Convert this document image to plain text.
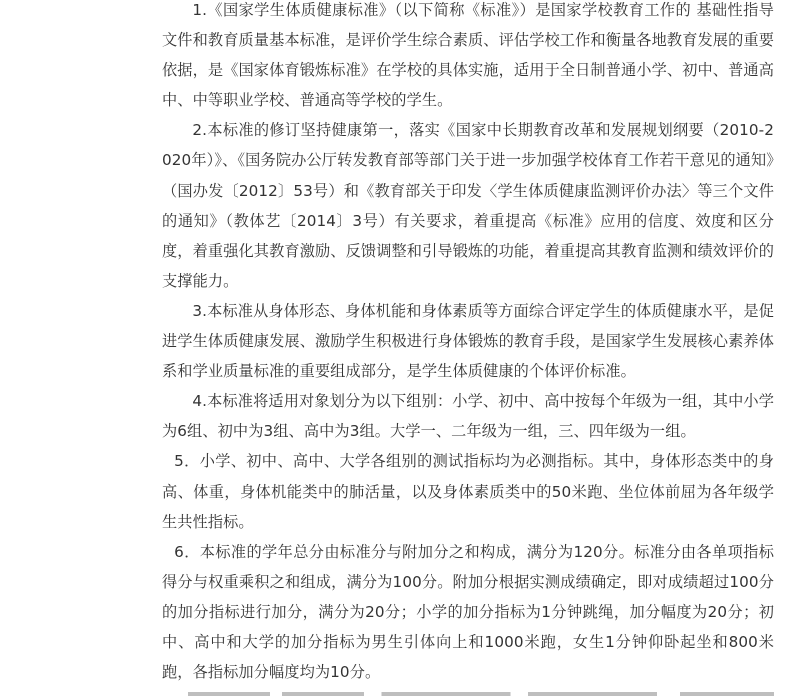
1.《国家学生体质健康标准》（以下简称《标准》）是国家学校教育工作的 基础性指导文件和教育质量基本标准，是评价学生综合素质、评估学校工作和衡量各地教育发展的重要依据，是《国家体育锻炼标准》在学校的具体实施，适用于全日制普通小学、初中、普通高中、中等职业学校、普通高等学校的学生。

2.本标准的修订坚持健康第一，落实《国家中长期教育改革和发展规划纲要（2010-2020年）》、《国务院办公厅转发教育部等部门关于进一步加强学校体育工作若干意见的通知》（国办发〔2012〕53号）和《教育部关于印发〈学生体质健康监测评价办法〉等三个文件的通知》（教体艺〔2014〕3号）有关要求，着重提高《标准》应用的信度、效度和区分度，着重强化其教育激励、反馈调整和引导锻炼的功能，着重提高其教育监测和绩效评价的支撑能力。

3.本标准从身体形态、身体机能和身体素质等方面综合评定学生的体质健康水平，是促进学生体质健康发展、激励学生积极进行身体锻炼的教育手段，是国家学生发展核心素养体系和学业质量标准的重要组成部分，是学生体质健康的个体评价标准。

4.本标准将适用对象划分为以下组别：小学、初中、高中按每个年级为一组，其中小学为6组、初中为3组、高中为3组。大学一、二年级为一组，三、四年级为一组。

5．小学、初中、高中、大学各组别的测试指标均为必测指标。其中，身体形态类中的身高、体重，身体机能类中的肺活量，以及身体素质类中的50米跑、坐位体前屈为各年级学生共性指标。

6．本标准的学年总分由标准分与附加分之和构成，满分为120分。标准分由各单项指标得分与权重乘积之和组成，满分为100分。附加分根据实测成绩确定，即对成绩超过100分的加分指标进行加分，满分为20分；小学的加分指标为1分钟跳绳，加分幅度为20分；初中、高中和大学的加分指标为男生引体向上和1000米跑，女生1分钟仰卧起坐和800米跑，各指标加分幅度均为10分。
